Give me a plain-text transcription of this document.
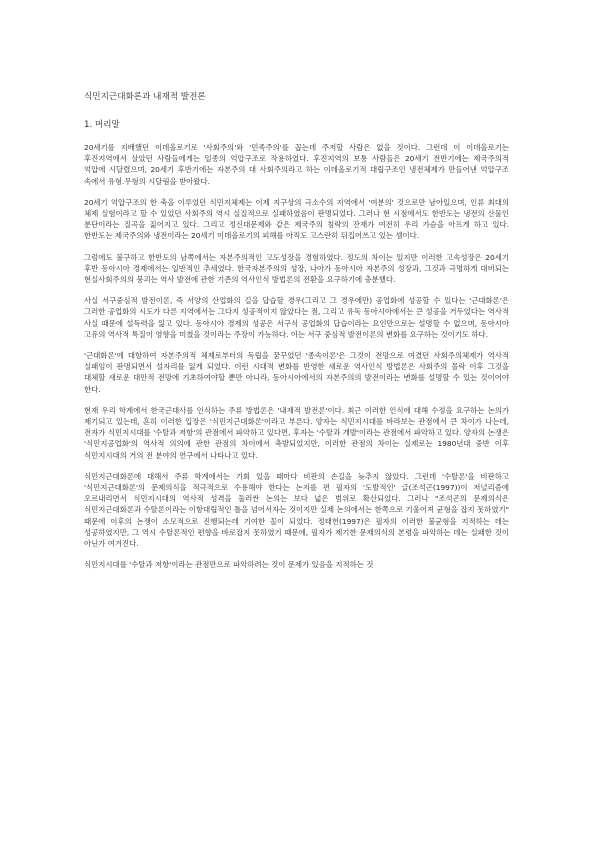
식민지근대화론과 내재적 발전론
1. 머리말

20세기를 지배했던 이데올로기로 '사회주의'와 '민족주의'를 꼽는데 주저할 사람은 없을 것이다. 그런데 이 이데올로기는 후진지역에서 살았던 사람들에게는 일종의 억압구조로 작용하였다. 후진지역의 보통 사람들은 20세기 전반기에는 제국주의적 억압에 시달렸으며, 20세기 후반기에는 자본주의 대 사회주의라고 하는 이데올로기적 대립구조인 냉전체제가 만들어낸 억압구조 속에서 유형.무형의 시달림을 받아왔다.

20세기 억압구조의 한 축을 이루었던 식민지체제는 이제 지구상의 극소수의 지역에서 '여분의' 것으로만 남아있으며, 인류 최대의 체제 실험이라고 할 수 있었던 사회주의 역시 실질적으로 실패하였음이 판명되었다. 그러나 현 시점에서도 한반도는 냉전의 산물인 분단이라는 질곡을 짊어지고 있다. 그리고 정신대문제와 같은 제국주의 침략의 잔재가 여전히 우리 가슴을 아프게 하고 있다. 한반도는 제국주의와 냉전이라는 20세기 이데올로기의 피해를 아직도 고스란히 뒤집어쓰고 있는 셈이다.

그럼에도 불구하고 한반도의 남쪽에서는 자본주의적인 고도성장을 경험하였다. 정도의 차이는 있지만 이러한 고속성장은 20세기 후반 동아시아 경제에서는 일반적인 추세였다. 한국자본주의의 성장, 나아가 동아시아 자본주의 성장과, 그것과 극명하게 대비되는 현실사회주의의 붕괴는 역사 발전에 관한 기존의 역사인식 방법론의 전환을 요구하기에 충분했다.

사실 서구중심적 발전이론, 즉 서양의 산업화의 길을 답습할 경우(그리고 그 경우에만) 공업화에 성공할 수 있다는 '근대화론'은 그러한 공업화의 시도가 다른 지역에서는 그다지 성공적이지 않았다는 점, 그리고 유독 동아시아에서는 큰 성공을 거두었다는 역사적 사실 때문에 설득력을 잃고 있다. 동아시아 경제의 성공은 서구식 공업화의 답습이라는 요인만으로는 설명할 수 없으며, 동아시아 고유의 역사적 특질이 영향을 미쳤을 것이라는 주장이 가능하다. 이는 서구 중심적 발전이론의 변화를 요구하는 것이기도 하다.

'근대화론'에 대항하여 자본주의적 체제로부터의 독립을 꿈꾸었던 '종속이론'은 그것이 전망으로 여겼던 사회주의체제가 역사적 실패임이 판명되면서 설자리를 잃게 되었다. 이런 시대적 변화를 반영한 새로운 역사인식 방법론은 사회주의 몰락 이후 그것을 대체할 새로운 대안적 전망에 기초하여야할 뿐만 아니라, 동아시아에서의 자본주의의 발전이라는 변화를 설명할 수 있는 것이어야 한다.

현재 우리 학계에서 한국근대사를 인식하는 주류 방법론은 '내재적 발전론'이다. 최근 이러한 인식에 대해 수정을 요구하는 논의가 제기되고 있는데, 흔히 이러한 입장은 '식민지근대화론'이라고 부른다. 양자는 식민지시대를 바라보는 관점에서 큰 차이가 나는데, 전자가 식민지시대를 '수탈과 저항'의 관점에서 파악하고 있다면, 후자는 '수탈과 개발'이라는 관점에서 파악하고 있다. 양자의 논쟁은 '식민지공업화'의 역사적 의의에 관한 관점의 차이에서 촉발되었지만, 이러한 관점의 차이는 실제로는 1980년대 중반 이후 식민지시대의 거의 전 분야의 연구에서 나타나고 있다.

식민지근대화론에 대해서 주류 학계에서는 기회 있을 때마다 비판의 손길을 늦추지 않았다. 그런데 '수탈론'을 비판하고 '식민지근대화론'의 문제의식을 적극적으로 수용해야 한다는 논지를 편 필자의 '도발적인' 글(조석곤(1997))이 저널리즘에 오르내리면서 식민지시대의 역사적 성격을 둘러싼 논의는 보다 넓은 범위로 확산되었다. 그러나 "조석곤의 문제의식은 식민지근대화론과 수탈론이라는 이항대립적인 틀을 넘어서자는 것이지만 실제 논의에서는 한쪽으로 기울어져 균형을 잡지 못하였기" 때문에 이후의 논쟁이 소모적으로 진행되는데 기여한 꼴이 되었다. 정태헌(1997)은 필자의 이러한 불균형을 지적하는 데는 성공하였지만, 그 역시 수탈론적인 편향을 바로잡지 못하였기 때문에, 필자가 제기한 문제의식의 본령을 파악하는 데는 실패한 것이 아닌가 여겨진다.

식민지시대를 '수탈과 저항'이라는 관점만으로 파악하려는 것이 문제가 있음을 지적하는 것
